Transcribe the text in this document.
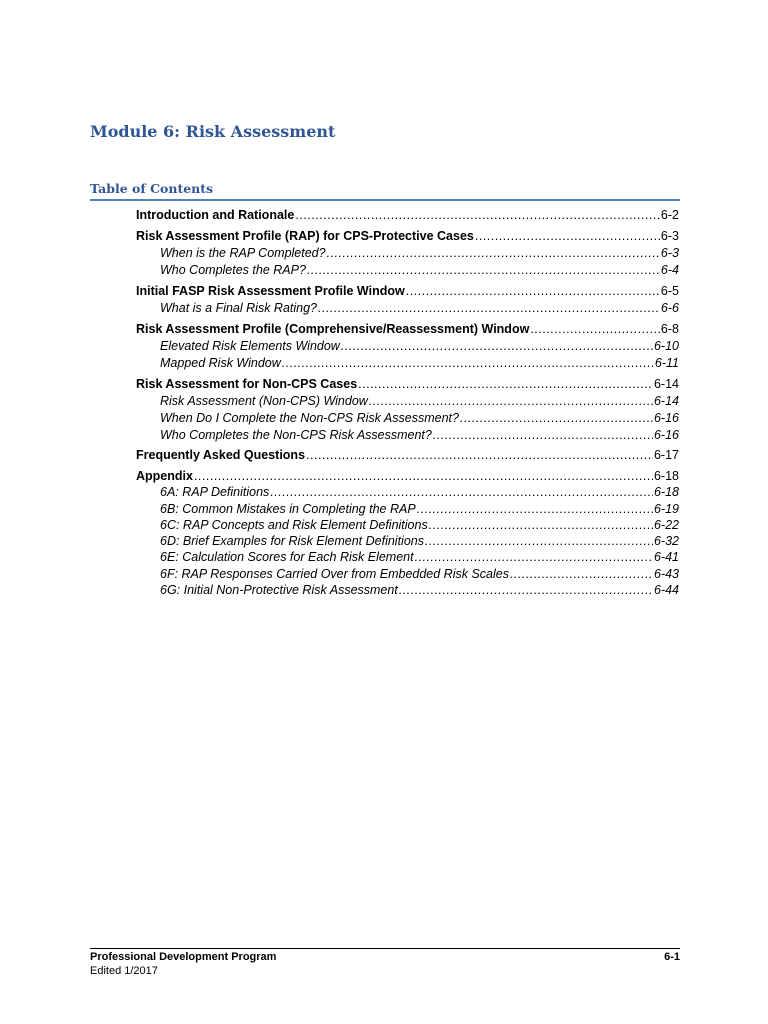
Module 6: Risk Assessment
Table of Contents
Introduction and Rationale .....	6-2
Risk Assessment Profile (RAP) for CPS-Protective Cases .....	6-3
When is the RAP Completed? .....	6-3
Who Completes the RAP? .....	6-4
Initial FASP Risk Assessment Profile Window .....	6-5
What is a Final Risk Rating? .....	6-6
Risk Assessment Profile (Comprehensive/Reassessment) Window .....	6-8
Elevated Risk Elements Window .....	6-10
Mapped Risk Window .....	6-11
Risk Assessment for Non-CPS Cases .....	6-14
Risk Assessment (Non-CPS) Window .....	6-14
When Do I Complete the Non-CPS Risk Assessment? .....	6-16
Who Completes the Non-CPS Risk Assessment? .....	6-16
Frequently Asked Questions .....	6-17
Appendix .....	6-18
6A: RAP Definitions .....	6-18
6B: Common Mistakes in Completing the RAP .....	6-19
6C: RAP Concepts and Risk Element Definitions .....	6-22
6D: Brief Examples for Risk Element Definitions .....	6-32
6E: Calculation Scores for Each Risk Element .....	6-41
6F: RAP Responses Carried Over from Embedded Risk Scales .....	6-43
6G: Initial Non-Protective Risk Assessment .....	6-44
Professional Development Program
Edited 1/2017
6-1
